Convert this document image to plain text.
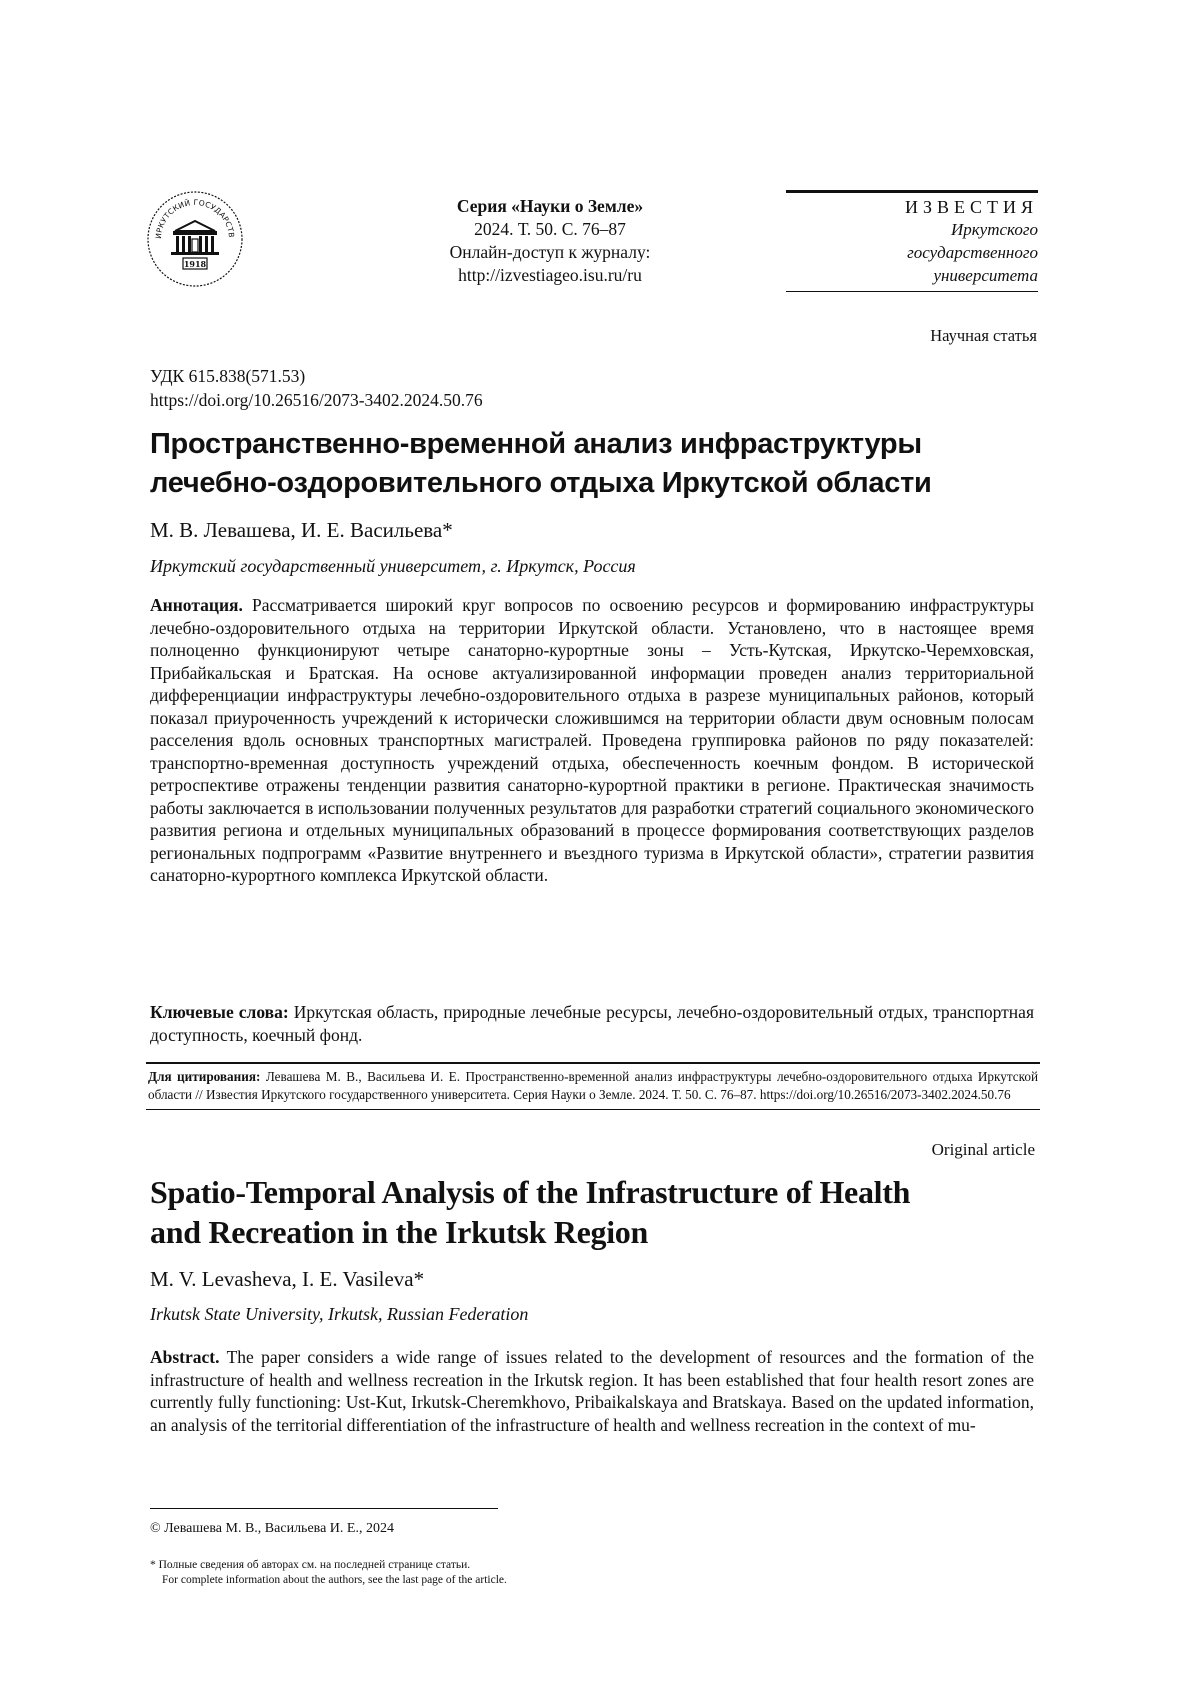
ИРКУТСКИЙ ГОСУДАРСТВ
1918
Серия «Науки о Земле»
2024. Т. 50. С. 76–87
Онлайн-доступ к журналу:
http://izvestiageo.isu.ru/ru
ИЗВЕСТИЯ
Иркутского
государственного
университета
Научная статья
УДК 615.838(571.53)
https://doi.org/10.26516/2073-3402.2024.50.76
Пространственно-временной анализ инфраструктуры
лечебно-оздоровительного отдыха Иркутской области
М. В. Левашева, И. Е. Васильева*
Иркутский государственный университет, г. Иркутск, Россия
Аннотация. Рассматривается широкий круг вопросов по освоению ресурсов и формированию инфраструктуры лечебно-оздоровительного отдыха на территории Иркутской области. Установлено, что в настоящее время полноценно функционируют четыре санаторно-курортные зоны – Усть-Кутская, Иркутско-Черемховская, Прибайкальская и Братская. На основе актуализированной информации проведен анализ территориальной дифференциации инфраструктуры лечебно-оздоровительного отдыха в разрезе муниципальных районов, который показал приуроченность учреждений к исторически сложившимся на территории области двум основным полосам расселения вдоль основных транспортных магистралей. Проведена группировка районов по ряду показателей: транспортно-временная доступность учреждений отдыха, обеспеченность коечным фондом. В исторической ретроспективе отражены тенденции развития санаторно-курортной практики в регионе. Практическая значимость работы заключается в использовании полученных результатов для разработки стратегий социального экономического развития региона и отдельных муниципальных образований в процессе формирования соответствующих разделов региональных подпрограмм «Развитие внутреннего и въездного туризма в Иркутской области», стратегии развития санаторно-курортного комплекса Иркутской области.
Ключевые слова: Иркутская область, природные лечебные ресурсы, лечебно-оздоровительный отдых, транспортная доступность, коечный фонд.
Для цитирования: Левашева М. В., Васильева И. Е. Пространственно-временной анализ инфраструктуры лечебно-оздоровительного отдыха Иркутской области // Известия Иркутского государственного университета. Серия Науки о Земле. 2024. Т. 50. С. 76–87. https://doi.org/10.26516/2073-3402.2024.50.76
Original article
Spatio-Temporal Analysis of the Infrastructure of Health
and Recreation in the Irkutsk Region
M. V. Levasheva, I. E. Vasileva*
Irkutsk State University, Irkutsk, Russian Federation
Abstract. The paper considers a wide range of issues related to the development of resources and the formation of the infrastructure of health and wellness recreation in the Irkutsk region. It has been established that four health resort zones are currently fully functioning: Ust-Kut, Irkutsk-Cheremkhovo, Pribaikalskaya and Bratskaya. Based on the updated information, an analysis of the territorial differentiation of the infrastructure of health and wellness recreation in the context of mu-
© Левашева М. В., Васильева И. Е., 2024
* Полные сведения об авторах см. на последней странице статьи.
For complete information about the authors, see the last page of the article.
